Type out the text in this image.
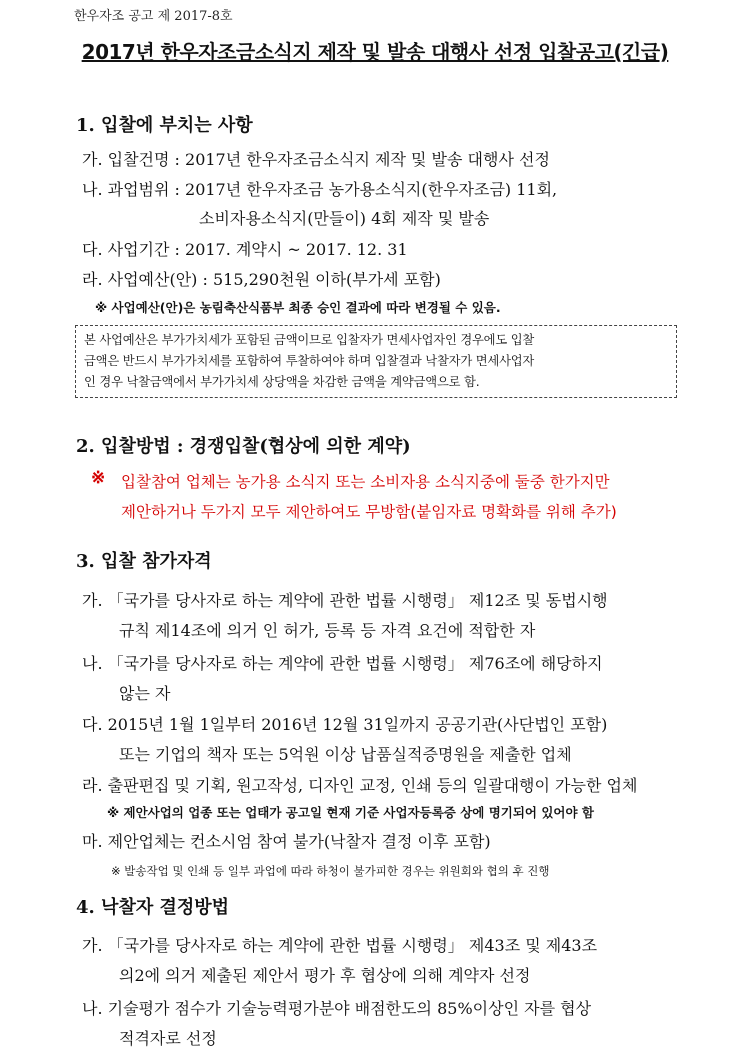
한우자조 공고 제 2017-8호
2017년 한우자조금소식지 제작 및 발송 대행사 선정 입찰공고(긴급)
1. 입찰에 부치는 사항
가. 입찰건명 : 2017년 한우자조금소식지 제작 및 발송 대행사 선정
나. 과업범위 : 2017년 한우자조금 농가용소식지(한우자조금) 11회,
소비자용소식지(만들이) 4회 제작 및 발송
다. 사업기간 : 2017. 계약시 ~ 2017. 12. 31
라. 사업예산(안) : 515,290천원 이하(부가세 포함)
※ 사업예산(안)은 농림축산식품부 최종 승인 결과에 따라 변경될 수 있음.
본 사업예산은 부가가치세가 포함된 금액이므로 입찰자가 면세사업자인 경우에도 입찰
금액은 반드시 부가가치세를 포함하여 투찰하여야 하며 입찰결과 낙찰자가 면세사업자
인 경우 낙찰금액에서 부가가치세 상당액을 차감한 금액을 계약금액으로 함.
2. 입찰방법 : 경쟁입찰(협상에 의한 계약)
※ 입찰참여 업체는 농가용 소식지 또는 소비자용 소식지중에 둘중 한가지만
제안하거나 두가지 모두 제안하여도 무방함(붙임자료 명확화를 위해 추가)
3. 입찰 참가자격
가. 「국가를 당사자로 하는 계약에 관한 법률 시행령」 제12조 및 동법시행
규칙 제14조에 의거 인 허가, 등록 등 자격 요건에 적합한 자
나. 「국가를 당사자로 하는 계약에 관한 법률 시행령」 제76조에 해당하지
않는 자
다. 2015년 1월 1일부터 2016년 12월 31일까지 공공기관(사단법인 포함)
또는 기업의 책자 또는 5억원 이상 납품실적증명원을 제출한 업체
라. 출판편집 및 기획, 원고작성, 디자인 교정, 인쇄 등의 일괄대행이 가능한 업체
※ 제안사업의 업종 또는 업태가 공고일 현재 기준 사업자등록증 상에 명기되어 있어야 함
마. 제안업체는 컨소시엄 참여 불가(낙찰자 결정 이후 포함)
※ 발송작업 및 인쇄 등 일부 과업에 따라 하청이 불가피한 경우는 위원회와 협의 후 진행
4. 낙찰자 결정방법
가. 「국가를 당사자로 하는 계약에 관한 법률 시행령」 제43조 및 제43조
의2에 의거 제출된 제안서 평가 후 협상에 의해 계약자 선정
나. 기술평가 점수가 기술능력평가분야 배점한도의 85%이상인 자를 협상
적격자로 선정
